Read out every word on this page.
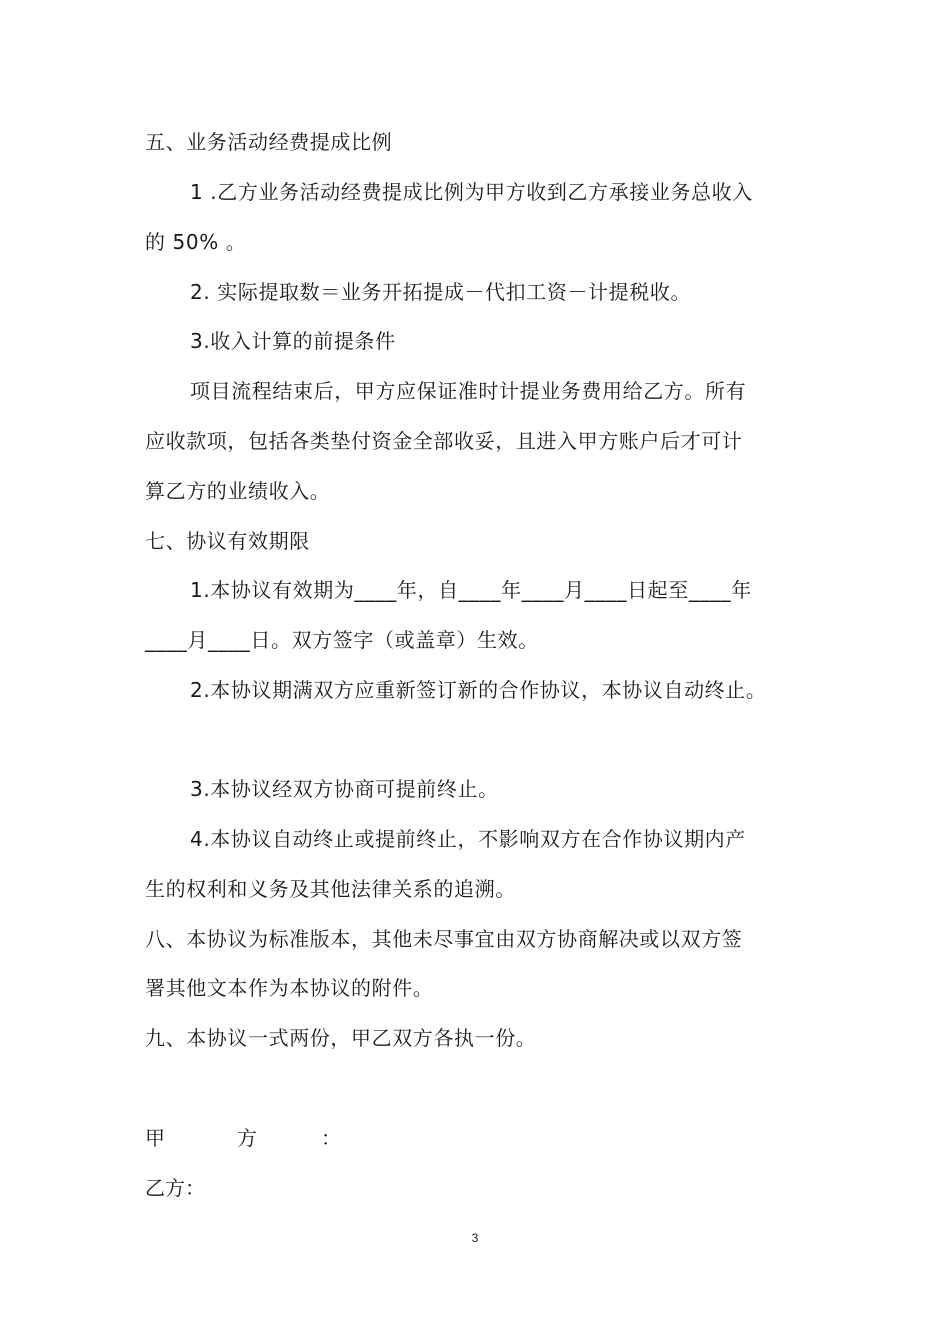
五、业务活动经费提成比例
1 .乙方业务活动经费提成比例为甲方收到乙方承接业务总收入
的 50% 。
2. 实际提取数＝业务开拓提成－代扣工资－计提税收。
3.收入计算的前提条件
项目流程结束后，甲方应保证准时计提业务费用给乙方。所有
应收款项，包括各类垫付资金全部收妥，且进入甲方账户后才可计
算乙方的业绩收入。
七、协议有效期限
1.本协议有效期为____年，自____年____月____日起至____年
____月____日。双方签字（或盖章）生效。
2.本协议期满双方应重新签订新的合作协议，本协议自动终止。
3.本协议经双方协商可提前终止。
4.本协议自动终止或提前终止，不影响双方在合作协议期内产
生的权利和义务及其他法律关系的追溯。
八、本协议为标准版本，其他未尽事宜由双方协商解决或以双方签
署其他文本作为本协议的附件。
九、本协议一式两份，甲乙双方各执一份。
甲	方	：
乙方：
3
